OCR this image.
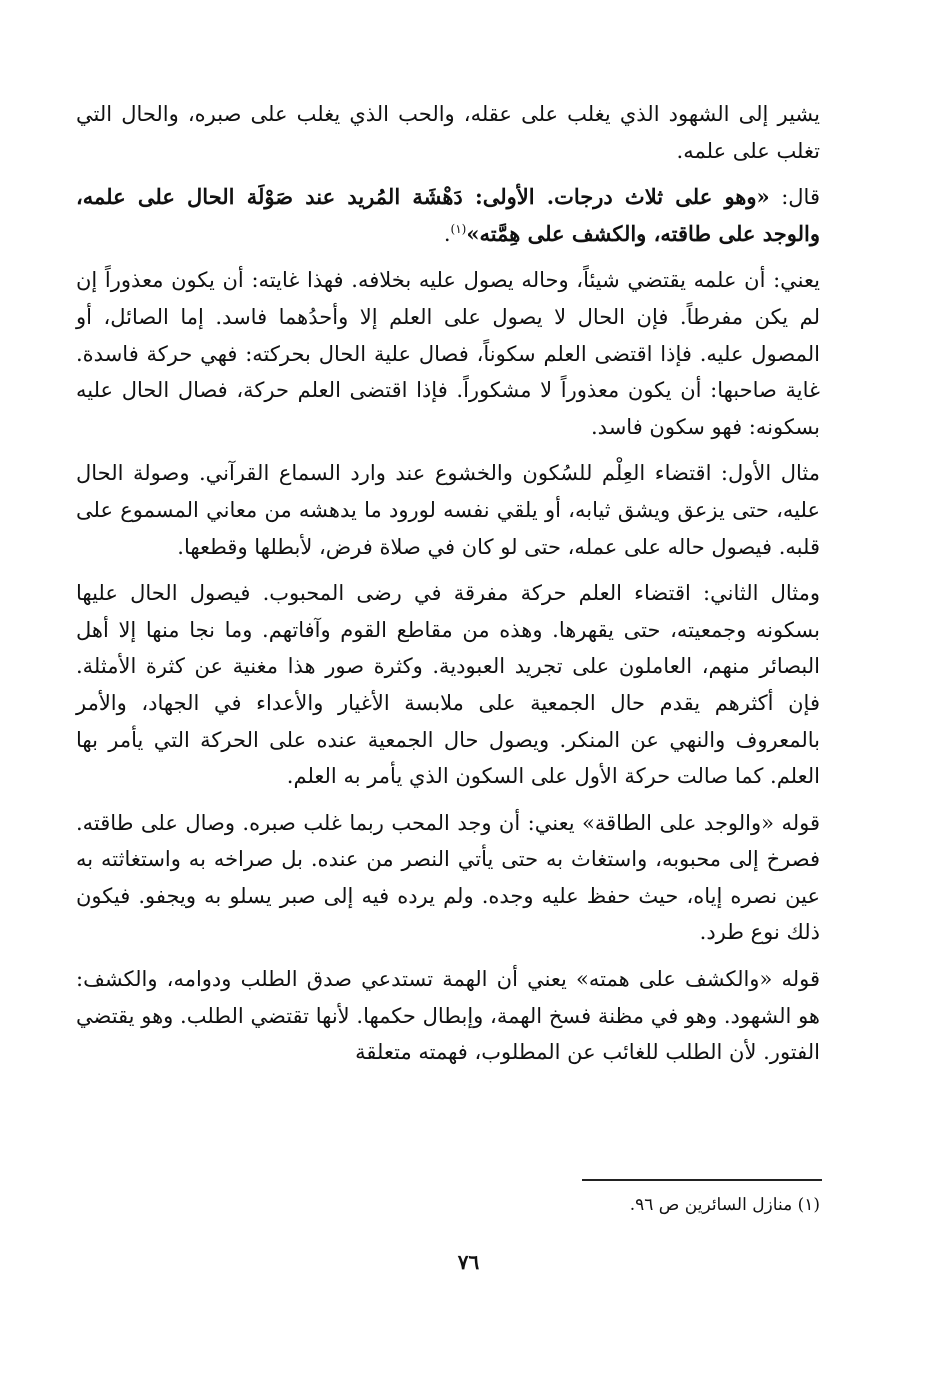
يشير إلى الشهود الذي يغلب على عقله، والحب الذي يغلب على صبره، والحال التي تغلب على علمه.

قال: «وهو على ثلاث درجات. الأولى: دَهْشَة المُريد عند صَوْلَة الحال على علمه، والوجد على طاقته، والكشف على هِمَّته»$^{(١)}$.

يعني: أن علمه يقتضي شيئاً، وحاله يصول عليه بخلافه. فهذا غايته: أن يكون معذوراً إن لم يكن مفرطاً. فإن الحال لا يصول على العلم إلا وأحدُهما فاسد. إما الصائل، أو المصول عليه. فإذا اقتضى العلم سكوناً، فصال علية الحال بحركته: فهي حركة فاسدة. غاية صاحبها: أن يكون معذوراً لا مشكوراً. فإذا اقتضى العلم حركة، فصال الحال عليه بسكونه: فهو سكون فاسد.

مثال الأول: اقتضاء العِلْم للسُكون والخشوع عند وارد السماع القرآني. وصولة الحال عليه، حتى يزعق ويشق ثيابه، أو يلقي نفسه لورود ما يدهشه من معاني المسموع على قلبه. فيصول حاله على عمله، حتى لو كان في صلاة فرض، لأبطلها وقطعها.

ومثال الثاني: اقتضاء العلم حركة مفرقة في رضى المحبوب. فيصول الحال عليها بسكونه وجمعيته، حتى يقهرها. وهذه من مقاطع القوم وآفاتهم. وما نجا منها إلا أهل البصائر منهم، العاملون على تجريد العبودية. وكثرة صور هذا مغنية عن كثرة الأمثلة. فإن أكثرهم يقدم حال الجمعية على ملابسة الأغيار والأعداء في الجهاد، والأمر بالمعروف والنهي عن المنكر. ويصول حال الجمعية عنده على الحركة التي يأمر بها العلم. كما صالت حركة الأول على السكون الذي يأمر به العلم.

قوله «والوجد على الطاقة» يعني: أن وجد المحب ربما غلب صبره. وصال على طاقته. فصرخ إلى محبوبه، واستغاث به حتى يأتي النصر من عنده. بل صراخه به واستغاثته به عين نصره إياه، حيث حفظ عليه وجده. ولم يرده فيه إلى صبر يسلو به ويجفو. فيكون ذلك نوع طرد.

قوله «والكشف على همته» يعني أن الهمة تستدعي صدق الطلب ودوامه، والكشف: هو الشهود. وهو في مظنة فسخ الهمة، وإبطال حكمها. لأنها تقتضي الطلب. وهو يقتضي الفتور. لأن الطلب للغائب عن المطلوب، فهمته متعلقة

(١) منازل السائرين ص ٩٦.
٧٦
